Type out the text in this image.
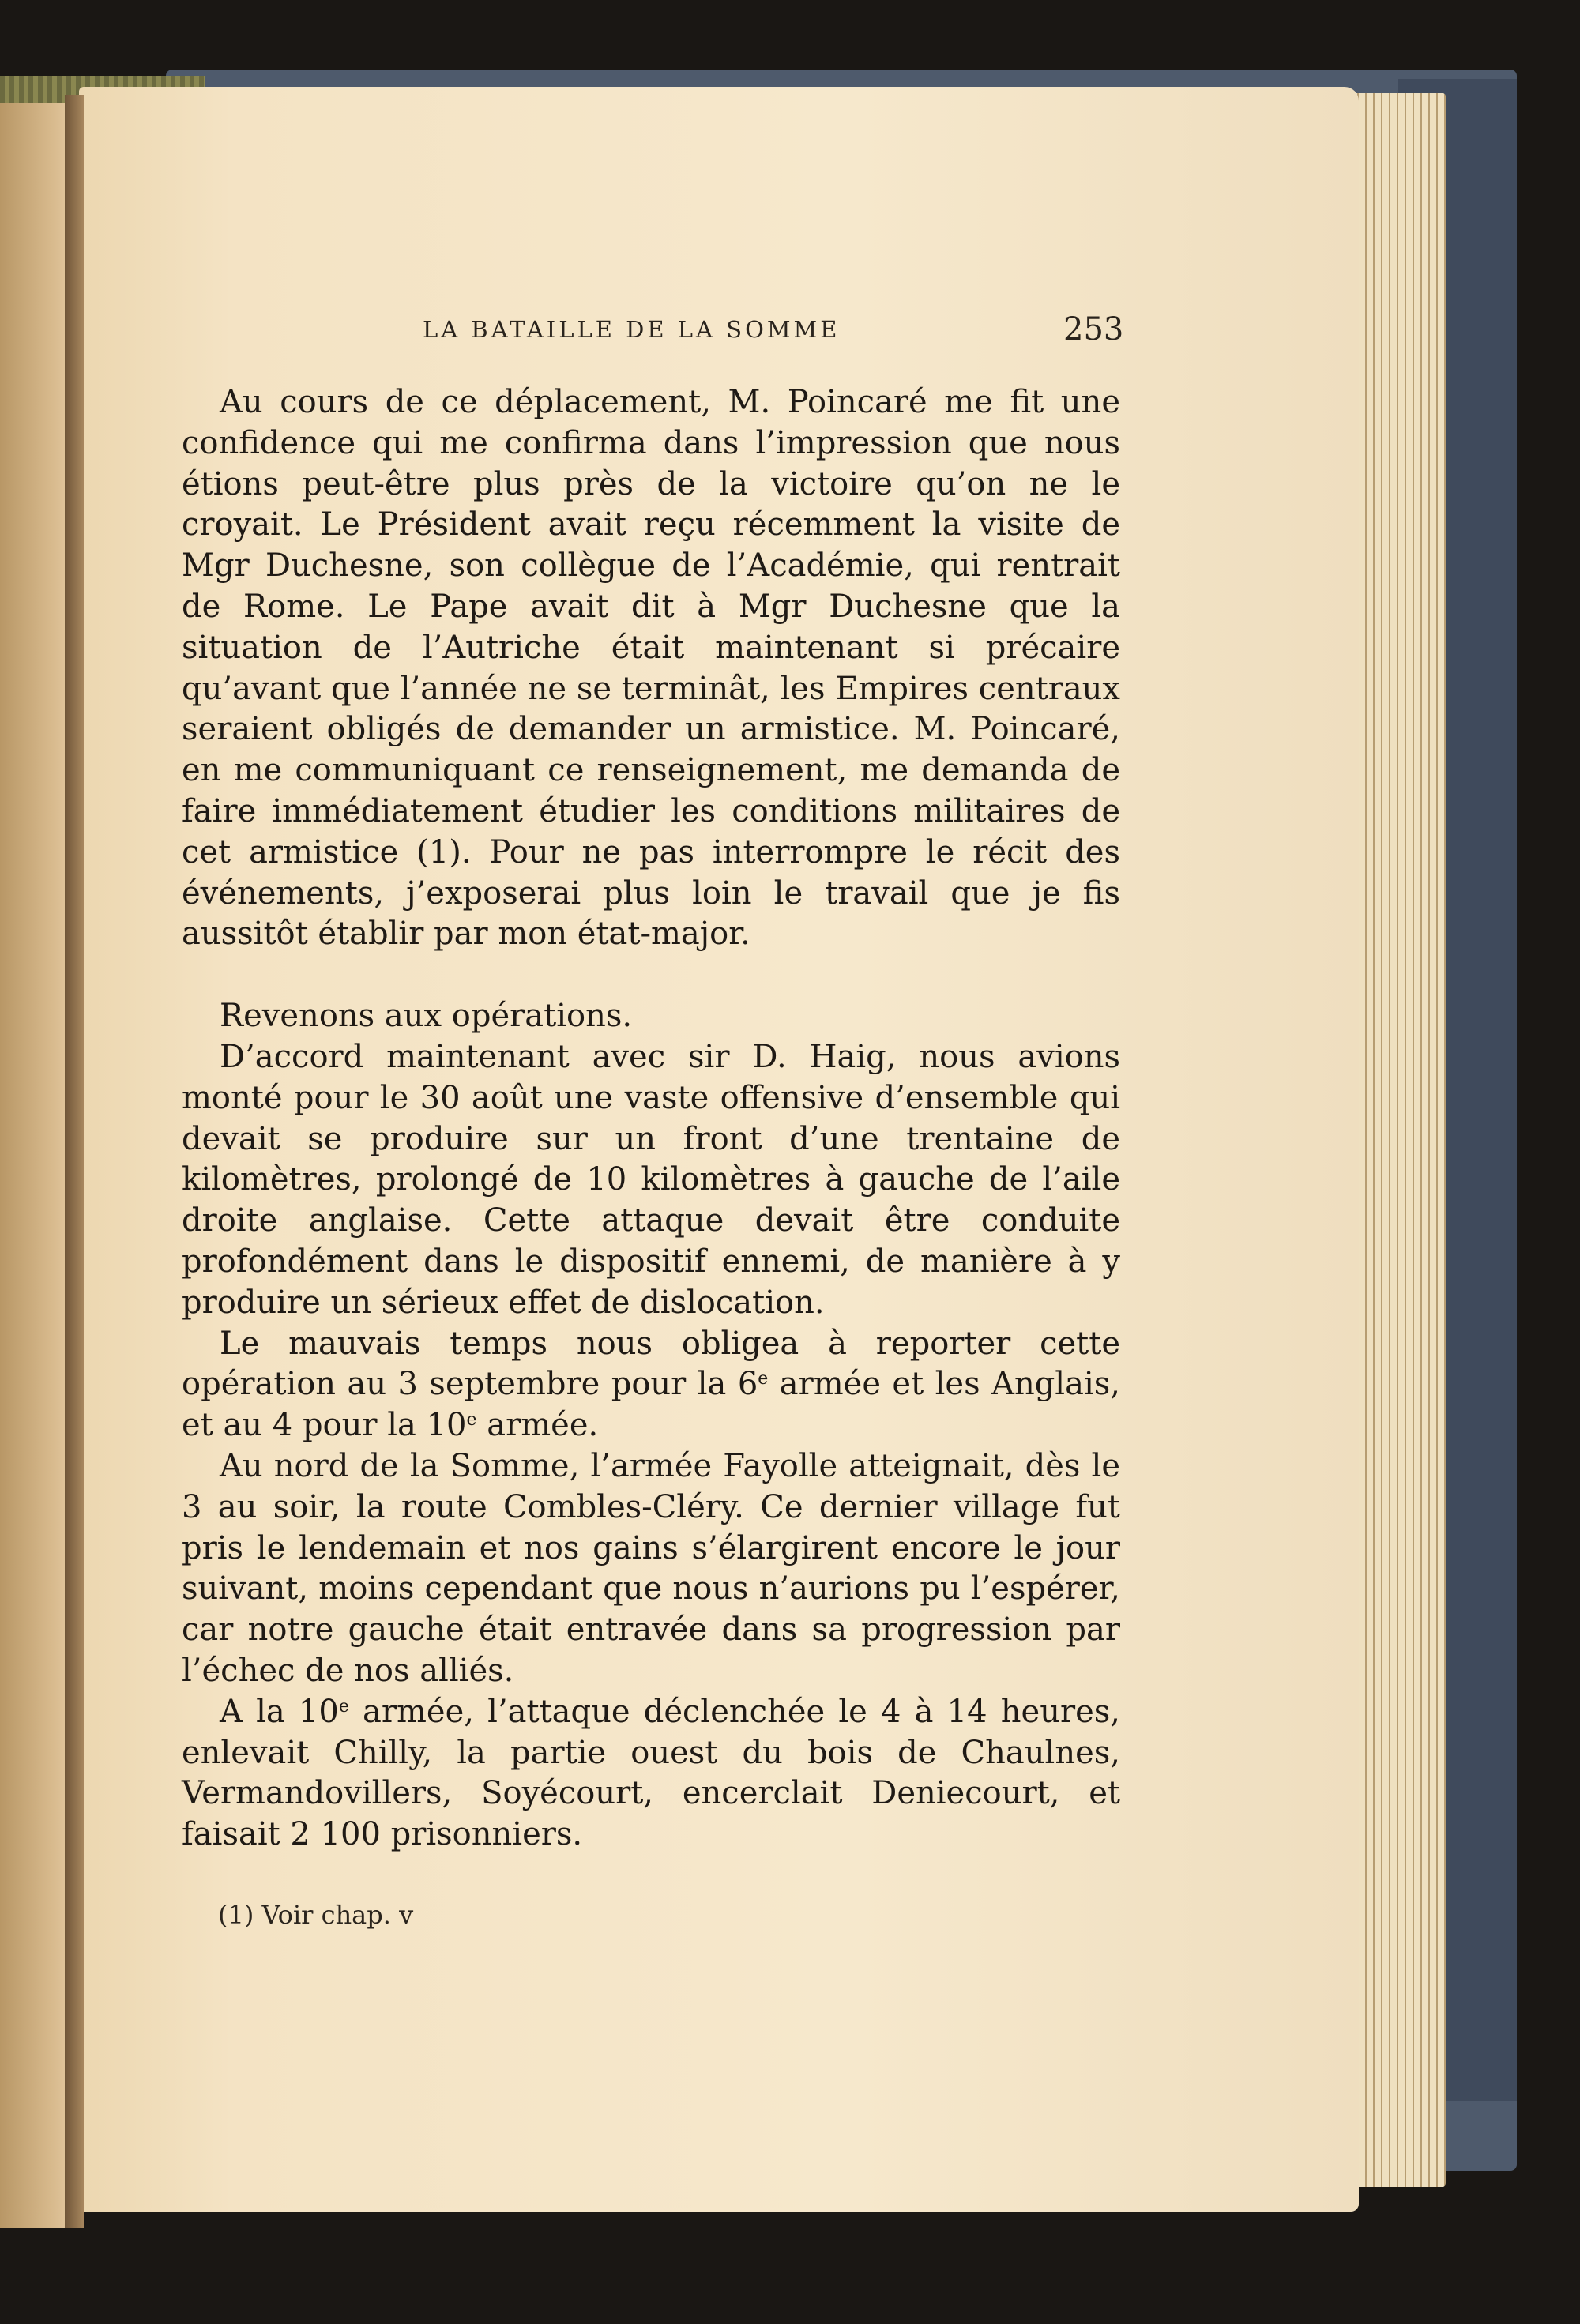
LA BATAILLE DE LA SOMME	253

Au cours de ce déplacement, M. Poincaré me fit une confidence qui me confirma dans l’impression que nous étions peut-être plus près de la victoire qu’on ne le croyait. Le Président avait reçu récemment la visite de Mgr Duchesne, son collègue de l’Académie, qui rentrait de Rome. Le Pape avait dit à Mgr Duchesne que la situation de l’Autriche était maintenant si précaire qu’avant que l’année ne se terminât, les Empires centraux seraient obligés de demander un armistice. M. Poincaré, en me communiquant ce renseignement, me demanda de faire immédiatement étudier les conditions militaires de cet armistice (1). Pour ne pas interrompre le récit des événements, j’exposerai plus loin le travail que je fis aussitôt établir par mon état-major.

Revenons aux opérations.

D’accord maintenant avec sir D. Haig, nous avions monté pour le 30 août une vaste offensive d’ensemble qui devait se produire sur un front d’une trentaine de kilomètres, prolongé de 10 kilomètres à gauche de l’aile droite anglaise. Cette attaque devait être conduite profondément dans le dispositif ennemi, de manière à y produire un sérieux effet de dislocation.

Le mauvais temps nous obligea à reporter cette opération au 3 septembre pour la 6e armée et les Anglais, et au 4 pour la 10e armée.

Au nord de la Somme, l’armée Fayolle atteignait, dès le 3 au soir, la route Combles-Cléry. Ce dernier village fut pris le lendemain et nos gains s’élargirent encore le jour suivant, moins cependant que nous n’aurions pu l’espérer, car notre gauche était entravée dans sa progression par l’échec de nos alliés.

A la 10e armée, l’attaque déclenchée le 4 à 14 heures, enlevait Chilly, la partie ouest du bois de Chaulnes, Vermandovillers, Soyécourt, encerclait Deniecourt, et faisait 2 100 prisonniers.

(1) Voir chap. v
